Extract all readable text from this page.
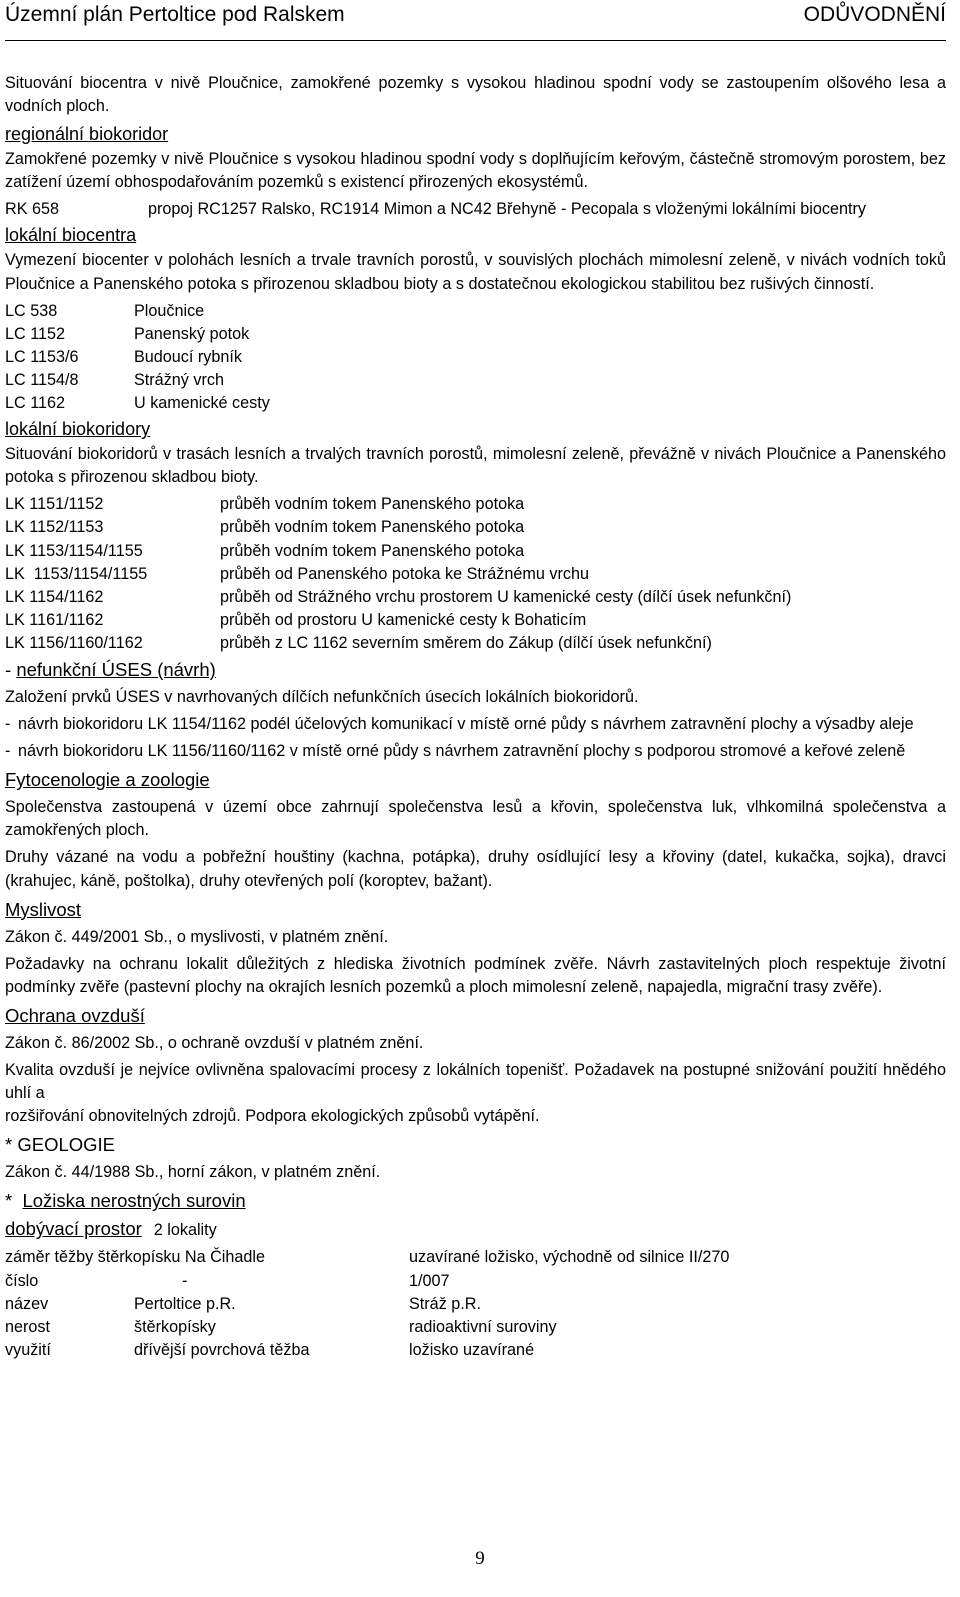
Územní plán Pertoltice pod Ralskem	ODŮVODNĚNÍ

Situování biocentra v nivě Ploučnice, zamokřené pozemky s vysokou hladinou spodní vody se zastoupením olšového lesa a vodních ploch.

regionální biokoridor

Zamokřené pozemky v nivě Ploučnice s vysokou hladinou spodní vody s doplňujícím keřovým, částečně stromovým porostem, bez zatížení území obhospodařováním pozemků s existencí přirozených ekosystémů.

RK 658	propoj RC1257 Ralsko, RC1914 Mimon a NC42 Břehyně - Pecopala s vloženými lokálními biocentry
lokální biocentra

Vymezení biocenter v polohách lesních a trvale travních porostů, v souvislých plochách mimolesní zeleně, v nivách vodních toků Ploučnice a Panenského potoka s přirozenou skladbou bioty a s dostatečnou ekologickou stabilitou bez rušivých činností.

LC 538	Ploučnice
LC 1152	Panenský potok
LC 1153/6	Budoucí rybník
LC 1154/8	Strážný vrch
LC 1162	U kamenické cesty
lokální biokoridory

Situování biokoridorů v trasách lesních a trvalých travních porostů, mimolesní zeleně, převážně v nivách Ploučnice a Panenského potoka s přirozenou skladbou bioty.

LK 1151/1152	průběh vodním tokem Panenského potoka
LK 1152/1153	průběh vodním tokem Panenského potoka
LK 1153/1154/1155	průběh vodním tokem Panenského potoka
LK  1153/1154/1155	průběh od Panenského potoka ke Strážnému vrchu
LK 1154/1162	průběh od Strážného vrchu prostorem U kamenické cesty (dílčí úsek nefunkční)
LK 1161/1162	průběh od prostoru U kamenické cesty k Bohaticím
LK 1156/1160/1162	průběh z LC 1162 severním směrem do Zákup (dílčí úsek nefunkční)
- nefunkční ÚSES (návrh)

Založení prvků ÚSES v navrhovaných dílčích nefunkčních úsecích lokálních biokoridorů.

- návrh biokoridoru LK 1154/1162 podél účelových komunikací v místě orné půdy s návrhem zatravnění plochy a výsadby aleje
- návrh biokoridoru LK 1156/1160/1162 v místě orné půdy s návrhem zatravnění plochy s podporou stromové a keřové zeleně
Fytocenologie a zoologie

Společenstva zastoupená v území obce zahrnují společenstva lesů a křovin, společenstva luk, vlhkomilná společenstva a zamokřených ploch.

Druhy vázané na vodu a pobřežní houštiny (kachna, potápka), druhy osídlující lesy a křoviny (datel, kukačka, sojka), dravci (krahujec, káně, poštolka), druhy otevřených polí (koroptev, bažant).

Myslivost

Zákon č. 449/2001 Sb., o myslivosti, v platném znění.

Požadavky na ochranu lokalit důležitých z hlediska životních podmínek zvěře. Návrh zastavitelných ploch respektuje životní podmínky zvěře (pastevní plochy na okrajích lesních pozemků a ploch mimolesní zeleně, napajedla, migrační trasy zvěře).

Ochrana ovzduší

Zákon č. 86/2002 Sb., o ochraně ovzduší v platném znění.

Kvalita ovzduší je nejvíce ovlivněna spalovacími procesy z lokálních topenišť. Požadavek na postupné snižování použití hnědého uhlí a

rozšiřování obnovitelných zdrojů. Podpora ekologických způsobů vytápění.

* GEOLOGIE

Zákon č. 44/1988 Sb., horní zákon, v platném znění.

*  Ložiska nerostných surovin
dobývací prostor 2 lokality
záměr těžby štěrkopísku Na Čihadle	uzavírané ložisko, východně od silnice II/270
číslo	-	1/007
název	Pertoltice p.R.	Stráž p.R.
nerost	štěrkopísky	radioaktivní suroviny
využití	dřívější povrchová těžba	ložisko uzavírané
9
